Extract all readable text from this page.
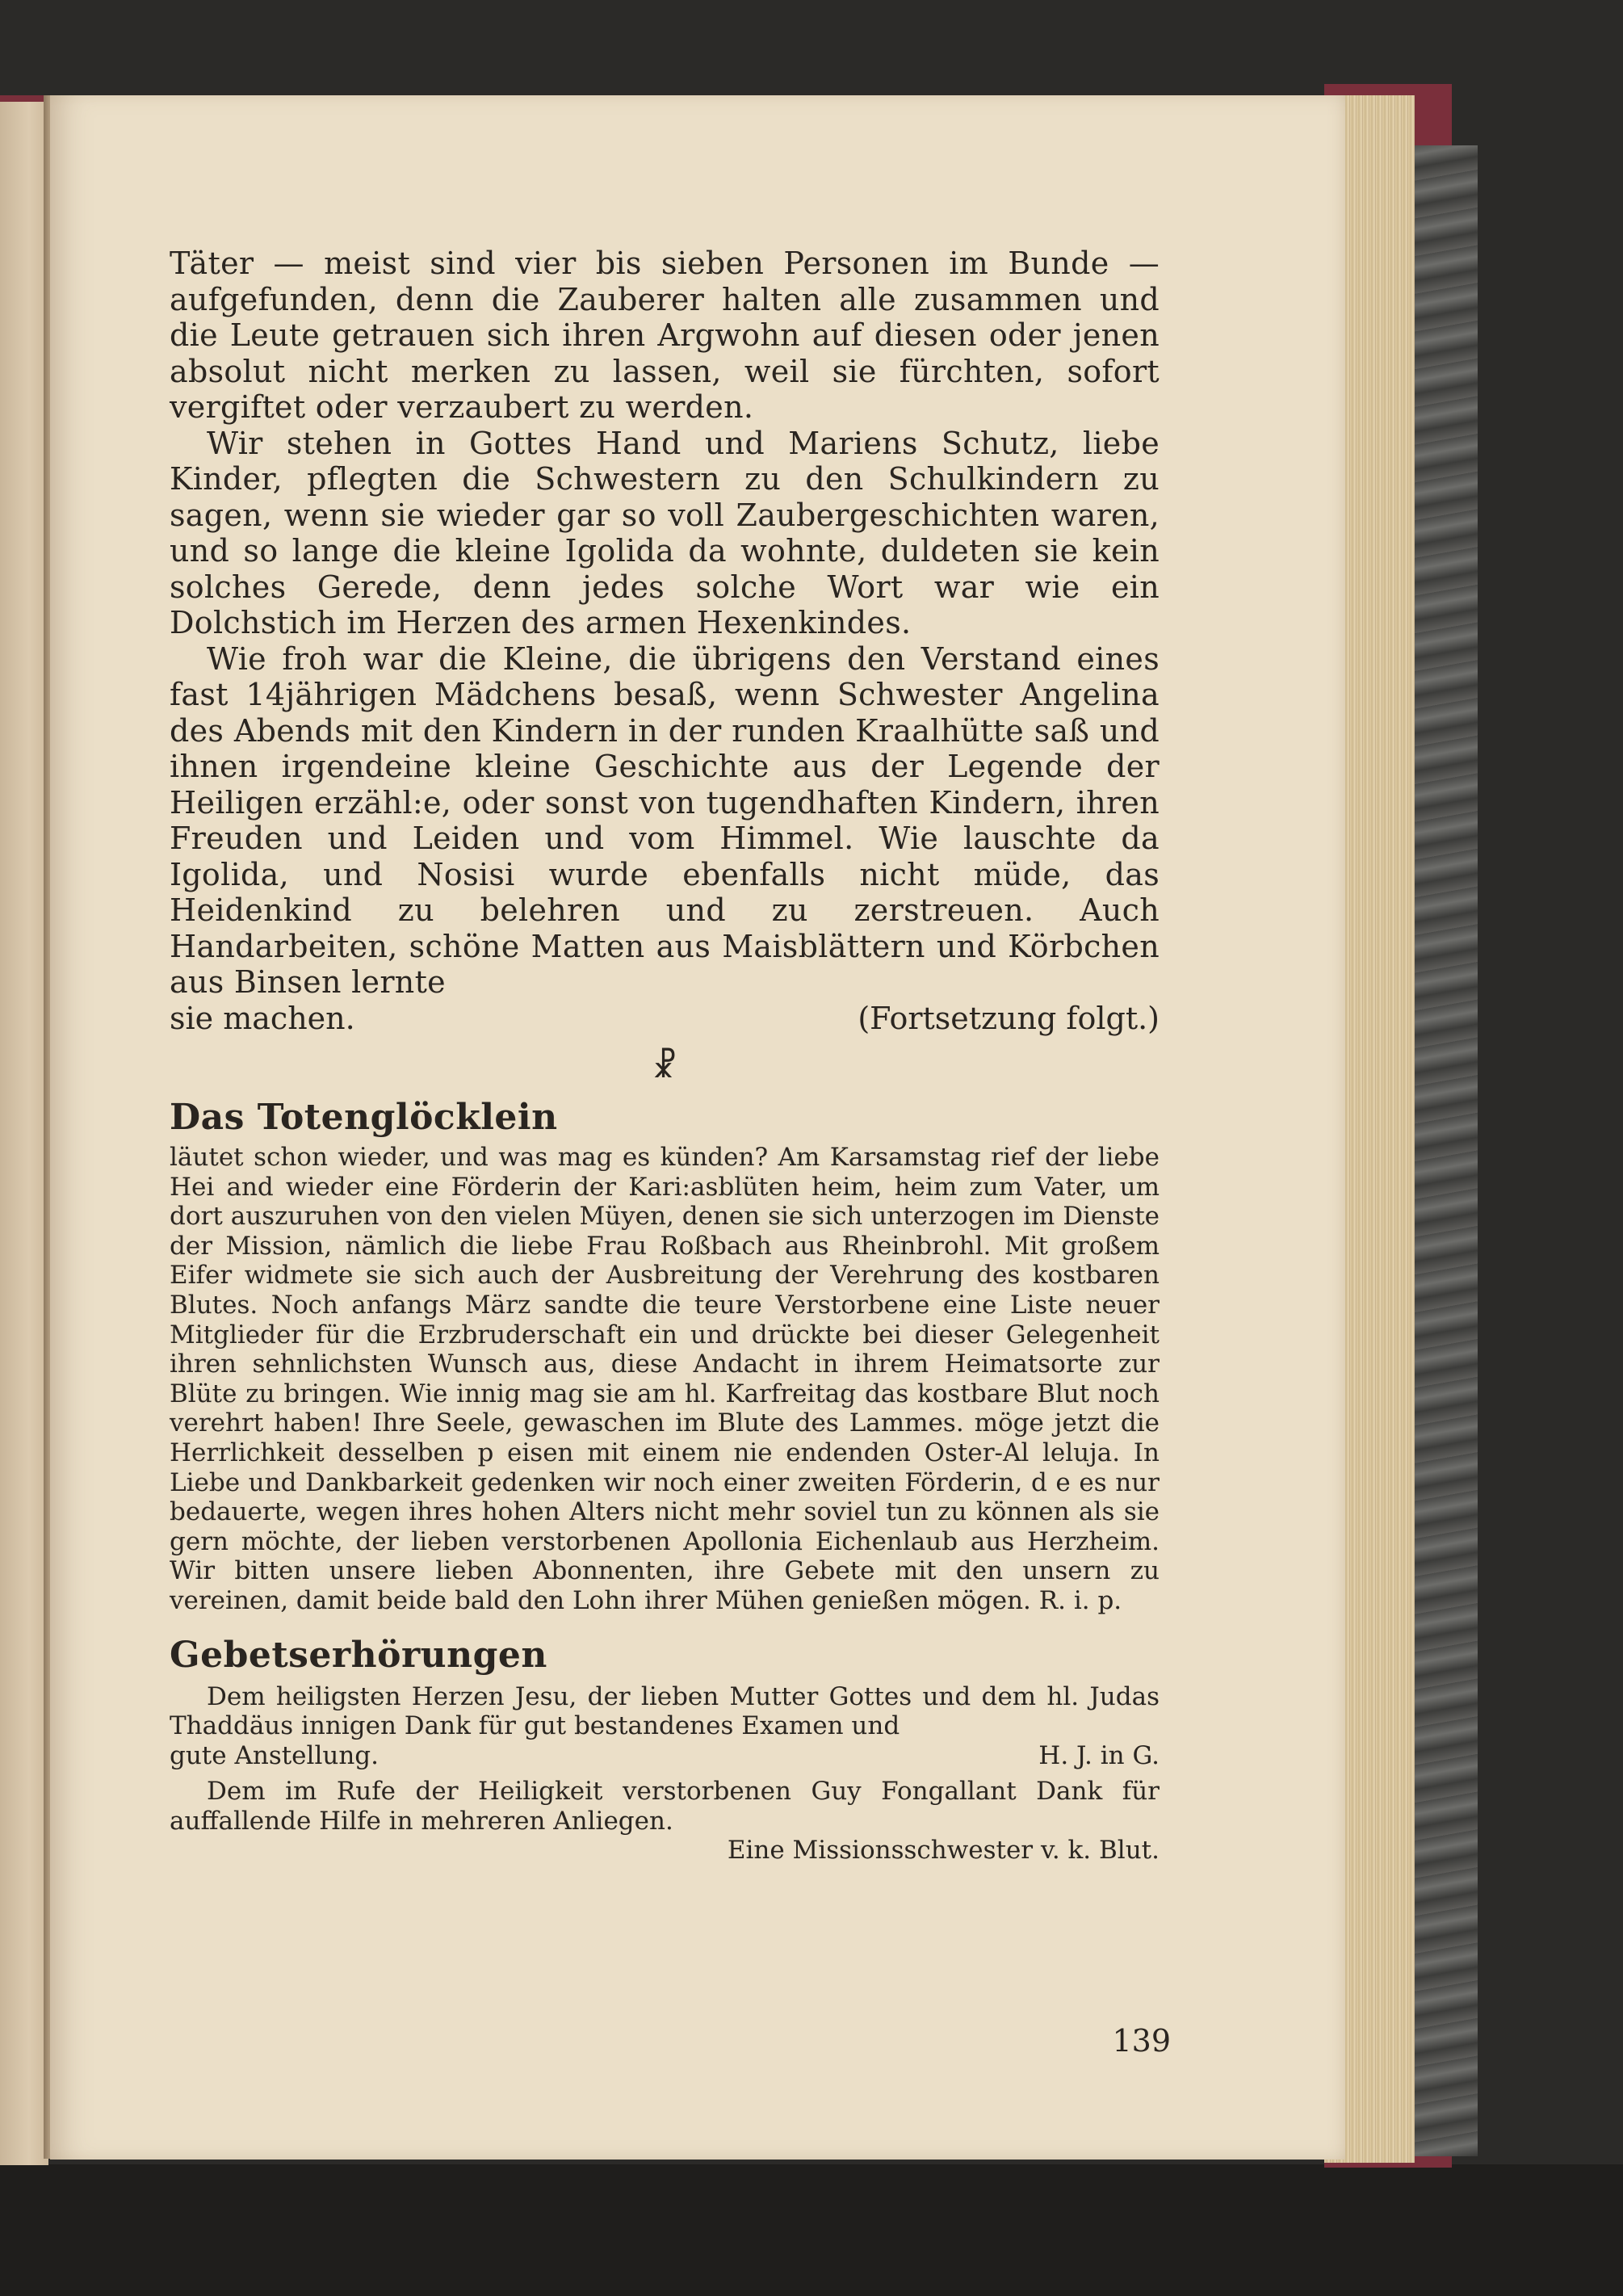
Täter — meist sind vier bis sieben Personen im Bunde — aufgefunden, denn die Zauberer halten alle zusammen und die Leute getrauen sich ihren Argwohn auf diesen oder jenen absolut nicht merken zu lassen, weil sie fürchten, sofort vergiftet oder verzaubert zu werden.

Wir stehen in Gottes Hand und Mariens Schutz, liebe Kinder, pflegten die Schwestern zu den Schulkindern zu sagen, wenn sie wieder gar so voll Zaubergeschichten waren, und so lange die kleine Igolida da wohnte, duldeten sie kein solches Gerede, denn jedes solche Wort war wie ein Dolchstich im Herzen des armen Hexenkindes.

Wie froh war die Kleine, die übrigens den Verstand eines fast 14jährigen Mädchens besaß, wenn Schwester Angelina des Abends mit den Kindern in der runden Kraalhütte saß und ihnen irgendeine kleine Geschichte aus der Legende der Heiligen erzähl:e, oder sonst von tugendhaften Kindern, ihren Freuden und Leiden und vom Himmel. Wie lauschte da Igolida, und Nosisi wurde ebenfalls nicht müde, das Heidenkind zu belehren und zu zerstreuen. Auch Handarbeiten, schöne Matten aus Maisblättern und Körbchen aus Binsen lernte

sie machen.	(Fortsetzung folgt.)
☧
Das Totenglöcklein

läutet schon wieder, und was mag es künden? Am Karsamstag rief der liebe Hei and wieder eine Förderin der Kari:asblüten heim, heim zum Vater, um dort auszuruhen von den vielen Müyen, denen sie sich unterzogen im Dienste der Mission, nämlich die liebe Frau Roßbach aus Rheinbrohl. Mit großem Eifer widmete sie sich auch der Ausbreitung der Verehrung des kostbaren Blutes. Noch anfangs März sandte die teure Verstorbene eine Liste neuer Mitglieder für die Erzbruderschaft ein und drückte bei dieser Gelegenheit ihren sehnlichsten Wunsch aus, diese Andacht in ihrem Heimatsorte zur Blüte zu bringen. Wie innig mag sie am hl. Karfreitag das kostbare Blut noch verehrt haben! Ihre Seele, gewaschen im Blute des Lammes. möge jetzt die Herrlichkeit desselben p eisen mit einem nie endenden Oster-Al leluja. In Liebe und Dankbarkeit gedenken wir noch einer zweiten Förderin, d e es nur bedauerte, wegen ihres hohen Alters nicht mehr soviel tun zu können als sie gern möchte, der lieben verstorbenen Apollonia Eichenlaub aus Herzheim. Wir bitten unsere lieben Abonnenten, ihre Gebete mit den unsern zu vereinen, damit beide bald den Lohn ihrer Mühen genießen mögen. R. i. p.

Gebetserhörungen

Dem heiligsten Herzen Jesu, der lieben Mutter Gottes und dem hl. Judas Thaddäus innigen Dank für gut bestandenes Examen und

gute Anstellung.	H. J. in G.

Dem im Rufe der Heiligkeit verstorbenen Guy Fongallant Dank für auffallende Hilfe in mehreren Anliegen.

Eine Missionsschwester v. k. Blut.
139
